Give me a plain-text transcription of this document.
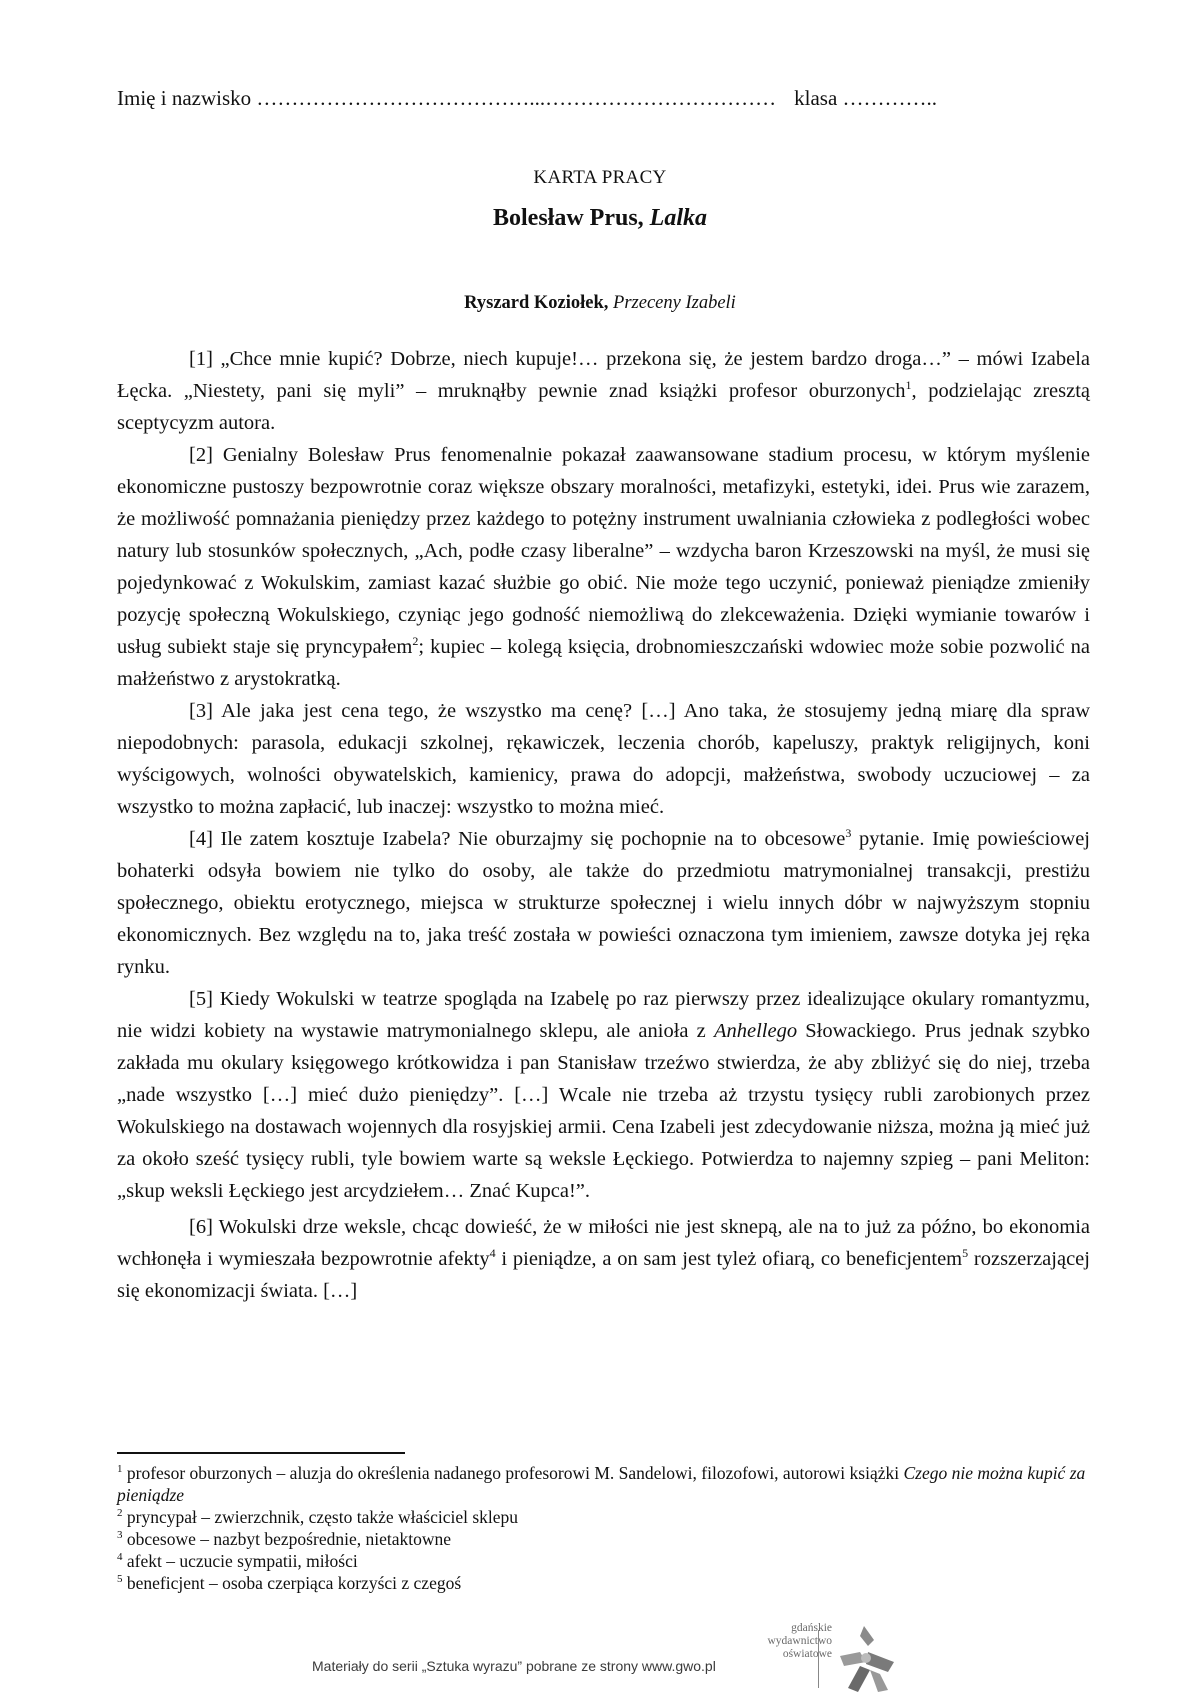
Imię i nazwisko …………………………………...…………………………… klasa …………..
KARTA PRACY
Bolesław Prus, Lalka
Ryszard Koziołek, Przeceny Izabeli

[1] „Chce mnie kupić? Dobrze, niech kupuje!… przekona się, że jestem bardzo droga…” – mówi Izabela Łęcka. „Niestety, pani się myli” – mruknąłby pewnie znad książki profesor oburzonych$^1$, podzielając zresztą sceptycyzm autora.

[2] Genialny Bolesław Prus fenomenalnie pokazał zaawansowane stadium procesu, w którym myślenie ekonomiczne pustoszy bezpowrotnie coraz większe obszary moralności, metafizyki, estetyki, idei. Prus wie zarazem, że możliwość pomnażania pieniędzy przez każdego to potężny instrument uwalniania człowieka z podległości wobec natury lub stosunków społecznych, „Ach, podłe czasy liberalne” – wzdycha baron Krzeszowski na myśl, że musi się pojedynkować z Wokulskim, zamiast kazać służbie go obić. Nie może tego uczynić, ponieważ pieniądze zmieniły pozycję społeczną Wokulskiego, czyniąc jego godność niemożliwą do zlekceważenia. Dzięki wymianie towarów i usług subiekt staje się pryncypałem$^2$; kupiec – kolegą księcia, drobnomieszczański wdowiec może sobie pozwolić na małżeństwo z arystokratką.

[3] Ale jaka jest cena tego, że wszystko ma cenę? […] Ano taka, że stosujemy jedną miarę dla spraw niepodobnych: parasola, edukacji szkolnej, rękawiczek, leczenia chorób, kapeluszy, praktyk religijnych, koni wyścigowych, wolności obywatelskich, kamienicy, prawa do adopcji, małżeństwa, swobody uczuciowej – za wszystko to można zapłacić, lub inaczej: wszystko to można mieć.

[4] Ile zatem kosztuje Izabela? Nie oburzajmy się pochopnie na to obcesowe$^3$ pytanie. Imię powieściowej bohaterki odsyła bowiem nie tylko do osoby, ale także do przedmiotu matrymonialnej transakcji, prestiżu społecznego, obiektu erotycznego, miejsca w strukturze społecznej i wielu innych dóbr w najwyższym stopniu ekonomicznych. Bez względu na to, jaka treść została w powieści oznaczona tym imieniem, zawsze dotyka jej ręka rynku.

[5] Kiedy Wokulski w teatrze spogląda na Izabelę po raz pierwszy przez idealizujące okulary romantyzmu, nie widzi kobiety na wystawie matrymonialnego sklepu, ale anioła z Anhellego Słowackiego. Prus jednak szybko zakłada mu okulary księgowego krótkowidza i pan Stanisław trzeźwo stwierdza, że aby zbliżyć się do niej, trzeba „nade wszystko […] mieć dużo pieniędzy”. […] Wcale nie trzeba aż trzystu tysięcy rubli zarobionych przez Wokulskiego na dostawach wojennych dla rosyjskiej armii. Cena Izabeli jest zdecydowanie niższa, można ją mieć już za około sześć tysięcy rubli, tyle bowiem warte są weksle Łęckiego. Potwierdza to najemny szpieg – pani Meliton: „skup weksli Łęckiego jest arcydziełem… Znać Kupca!”.

[6] Wokulski drze weksle, chcąc dowieść, że w miłości nie jest skneрą, ale na to już za późno, bo ekonomia wchłonęła i wymieszała bezpowrotnie afekty$^4$ i pieniądze, a on sam jest tyleż ofiarą, co beneficjentem$^5$ rozszerzającej się ekonomizacji świata. […]

$^1$ profesor oburzonych – aluzja do określenia nadanego profesorowi M. Sandelowi, filozofowi, autorowi książki Czego nie można kupić za pieniądze
$^2$ pryncypał – zwierzchnik, często także właściciel sklepu
$^3$ obcesowe – nazbyt bezpośrednie, nietaktowne
$^4$ afekt – uczucie sympatii, miłości
$^5$ beneficjent – osoba czerpiąca korzyści z czegoś
Materiały do serii „Sztuka wyrazu” pobrane ze strony www.gwo.pl
gdańskie
wydawnictwo
oświatowe
